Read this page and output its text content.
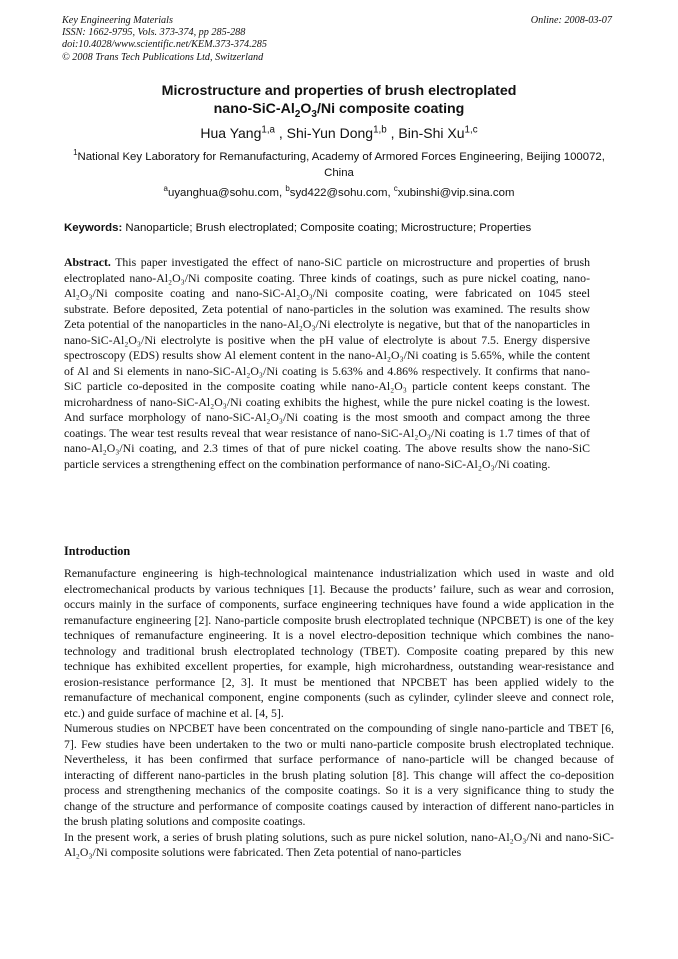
Key Engineering Materials
ISSN: 1662-9795, Vols. 373-374, pp 285-288
doi:10.4028/www.scientific.net/KEM.373-374.285
© 2008 Trans Tech Publications Ltd, Switzerland
Online: 2008-03-07
Microstructure and properties of brush electroplated
nano-$SiC-Al_2O_3/Ni$ composite coating
Hua Yang$^{1,a}$ , Shi-Yun Dong$^{1,b}$ , Bin-Shi Xu$^{1,c}$
$^1$National Key Laboratory for Remanufacturing, Academy of Armored Forces Engineering, Beijing 100072, China
$^a$uyanghua@sohu.com, $^b$syd422@sohu.com, $^c$xubinshi@vip.sina.com
Keywords: Nanoparticle; Brush electroplated; Composite coating; Microstructure; Properties
Abstract. This paper investigated the effect of nano-SiC particle on microstructure and properties of brush electroplated nano-Al₂O₃/Ni composite coating. Three kinds of coatings, such as pure nickel coating, nano-Al₂O₃/Ni composite coating and nano-SiC-Al₂O₃/Ni composite coating, were fabricated on 1045 steel substrate. Before deposited, Zeta potential of nano-particles in the solution was examined. The results show Zeta potential of the nanoparticles in the nano-Al₂O₃/Ni electrolyte is negative, but that of the nanoparticles in nano-SiC-Al₂O₃/Ni electrolyte is positive when the pH value of electrolyte is about 7.5. Energy dispersive spectroscopy (EDS) results show Al element content in the nano-Al₂O₃/Ni coating is 5.65%, while the content of Al and Si elements in nano-SiC-Al₂O₃/Ni coating is 5.63% and 4.86% respectively. It confirms that nano-SiC particle co-deposited in the composite coating while nano-Al₂O₃ particle content keeps constant. The microhardness of nano-SiC-Al₂O₃/Ni coating exhibits the highest, while the pure nickel coating is the lowest. And surface morphology of nano-SiC-Al₂O₃/Ni coating is the most smooth and compact among the three coatings. The wear test results reveal that wear resistance of nano-SiC-Al₂O₃/Ni coating is 1.7 times of that of nano-Al₂O₃/Ni coating, and 2.3 times of that of pure nickel coating. The above results show the nano-SiC particle services a strengthening effect on the combination performance of nano-SiC-Al₂O₃/Ni coating.
Introduction

Remanufacture engineering is high-technological maintenance industrialization which used in waste and old electromechanical products by various techniques [1]. Because the products’ failure, such as wear and corrosion, occurs mainly in the surface of components, surface engineering techniques have found a wide application in the remanufacture engineering [2]. Nano-particle composite brush electroplated technique (NPCBET) is one of the key techniques of remanufacture engineering. It is a novel electro-deposition technique which combines the nano-technology and traditional brush electroplated technology (TBET). Composite coating prepared by this new technique has exhibited excellent properties, for example, high microhardness, outstanding wear-resistance and erosion-resistance performance [2, 3]. It must be mentioned that NPCBET has been applied widely to the remanufacture of mechanical component, engine components (such as cylinder, cylinder sleeve and connect role, etc.) and guide surface of machine et al. [4, 5].

Numerous studies on NPCBET have been concentrated on the compounding of single nano-particle and TBET [6, 7]. Few studies have been undertaken to the two or multi nano-particle composite brush electroplated technique. Nevertheless, it has been confirmed that surface performance of nano-particle will be changed because of interacting of different nano-particles in the brush plating solution [8]. This change will affect the co-deposition process and strengthening mechanics of the composite coatings. So it is a very significance thing to study the change of the structure and performance of composite coatings caused by interaction of different nano-particles in the brush plating solutions and composite coatings.

In the present work, a series of brush plating solutions, such as pure nickel solution, nano-Al₂O₃/Ni and nano-SiC-Al₂O₃/Ni composite solutions were fabricated. Then Zeta potential of nano-particles
